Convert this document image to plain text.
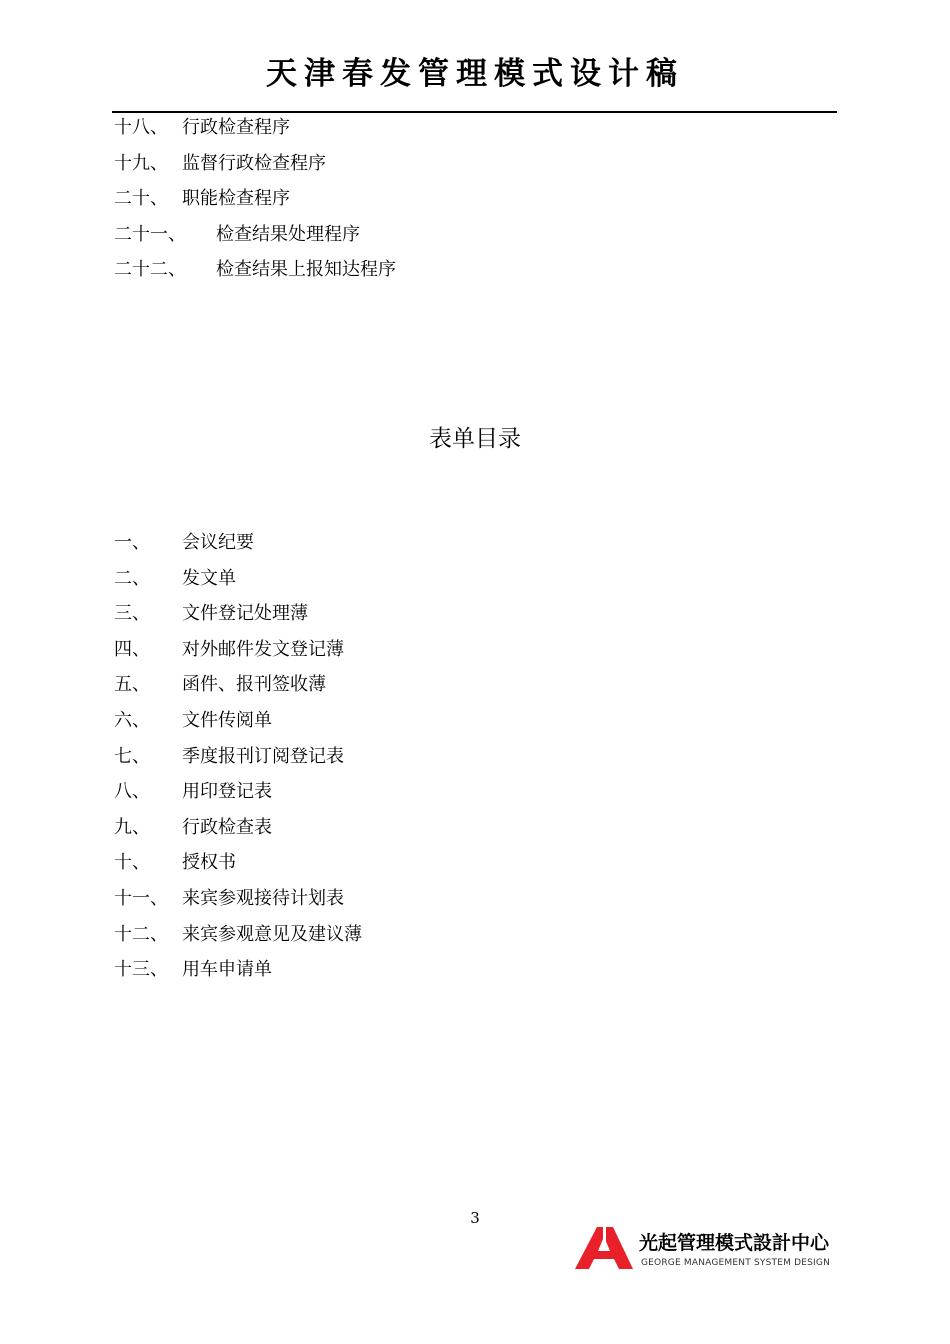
天津春发管理模式设计稿
十八、 行政检查程序
十九、 监督行政检查程序
二十、 职能检查程序
二十一、 检查结果处理程序
二十二、 检查结果上报知达程序
表单目录
一、 会议纪要
二、 发文单
三、 文件登记处理薄
四、 对外邮件发文登记薄
五、 函件、报刊签收薄
六、 文件传阅单
七、 季度报刊订阅登记表
八、 用印登记表
九、 行政检查表
十、 授权书
十一、 来宾参观接待计划表
十二、 来宾参观意见及建议薄
十三、 用车申请单
3
光起管理模式設計中心
GEORGE MANAGEMENT SYSTEM DESIGN
